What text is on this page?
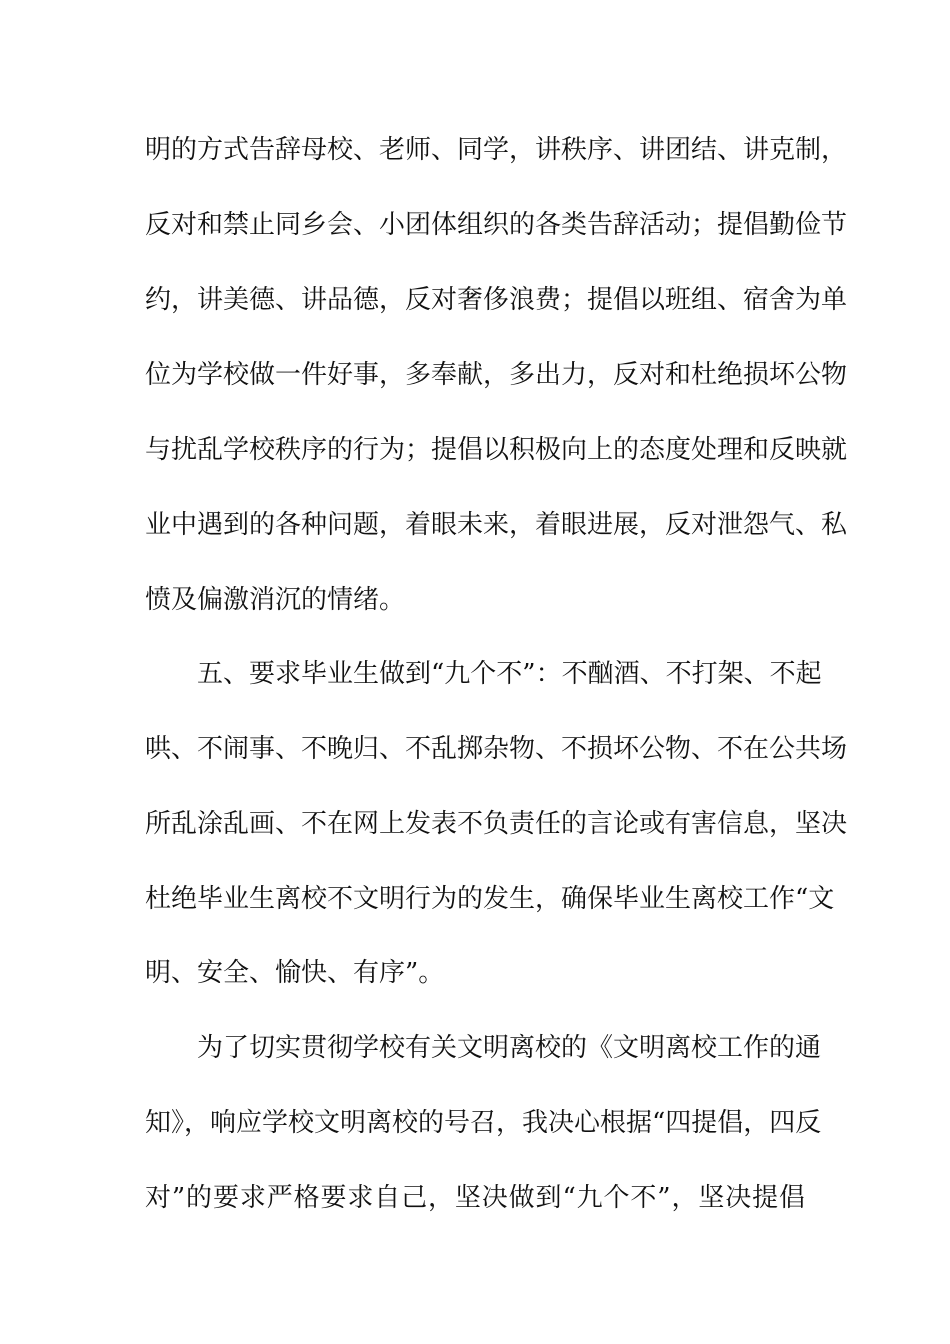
明的方式告辞母校、老师、同学，讲秩序、讲团结、讲克制，
反对和禁止同乡会、小团体组织的各类告辞活动；提倡勤俭节
约，讲美德、讲品德，反对奢侈浪费；提倡以班组、宿舍为单
位为学校做一件好事，多奉献，多出力，反对和杜绝损坏公物
与扰乱学校秩序的行为；提倡以积极向上的态度处理和反映就
业中遇到的各种问题，着眼未来，着眼进展，反对泄怨气、私
愤及偏激消沉的情绪。
　　五、要求毕业生做到“九个不”：不酗酒、不打架、不起
哄、不闹事、不晚归、不乱掷杂物、不损坏公物、不在公共场
所乱涂乱画、不在网上发表不负责任的言论或有害信息，坚决
杜绝毕业生离校不文明行为的发生，确保毕业生离校工作“文
明、安全、愉快、有序”。
　　为了切实贯彻学校有关文明离校的《文明离校工作的通
知》，响应学校文明离校的号召，我决心根据“四提倡，四反
对”的要求严格要求自己，坚决做到“九个不”，坚决提倡
